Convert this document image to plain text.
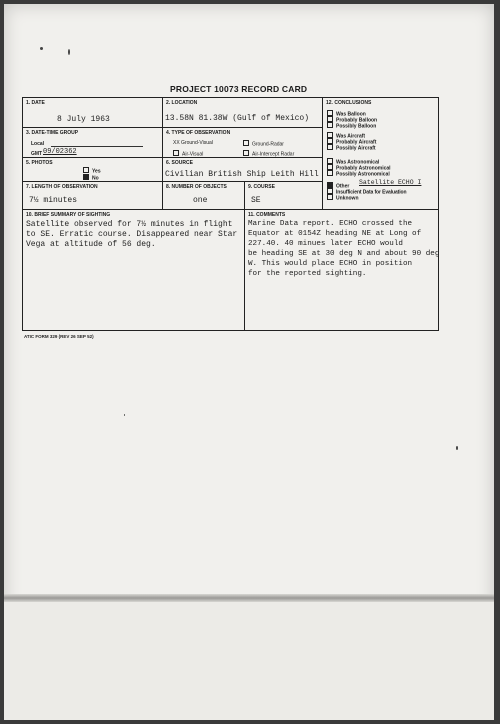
PROJECT 10073 RECORD CARD
1. DATE
8 July 1963
2. LOCATION
13.58N 81.38W (Gulf of Mexico)
3. DATE-TIME GROUP
Local
GMT 09/02362
4. TYPE OF OBSERVATION
XX Ground-Visual	Ground-Radar
Air-Visual	Air-Intercept Radar
5. PHOTOS
Yes
No
6. SOURCE
Civilian British Ship Leith Hill
7. LENGTH OF OBSERVATION
7½ minutes
8. NUMBER OF OBJECTS
one
9. COURSE
SE
10. BRIEF SUMMARY OF SIGHTING
Satellite observed for 7½ minutes in flight
to SE. Erratic course. Disappeared near Star
Vega at altitude of 56 deg.
11. COMMENTS
Marine Data report. ECHO crossed the
Equator at 0154Z heading NE at Long of
227.40. 40 minues later ECHO would
be heading SE at 30 deg N and about 90 deg
W. This would place ECHO in position
for the reported sighting.
12. CONCLUSIONS
Was Balloon
Probably Balloon
Possibly Balloon
Was Aircraft
Probably Aircraft
Possibly Aircraft
Was Astronomical
Probably Astronomical
Possibly Astronomical
Other
Satellite ECHO I
Insufficient Data for Evaluation
Unknown
ATIC FORM 329 (REV 26 SEP 52)
